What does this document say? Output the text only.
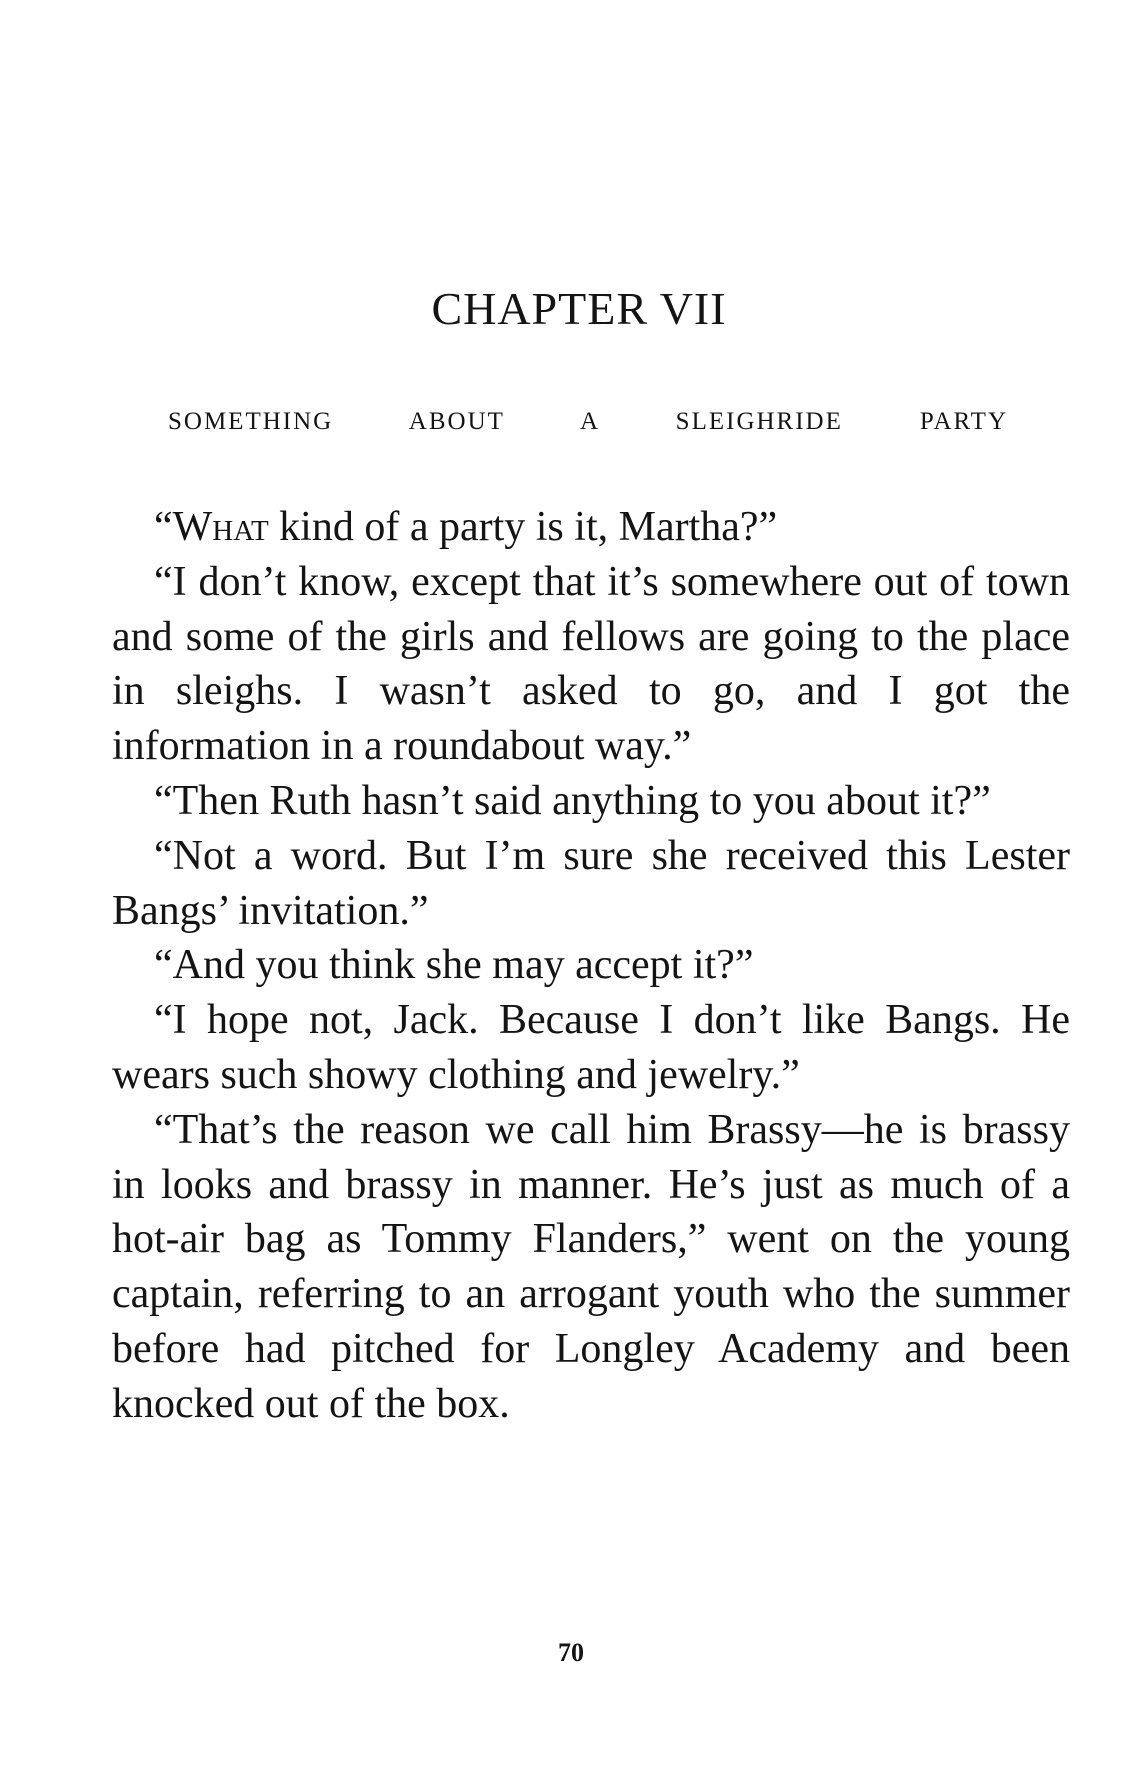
CHAPTER VII
SOMETHING ABOUT A SLEIGHRIDE PARTY

“What kind of a party is it, Martha?”

“I don’t know, except that it’s somewhere out of town and some of the girls and fellows are going to the place in sleighs. I wasn’t asked to go, and I got the information in a roundabout way.”

“Then Ruth hasn’t said anything to you about it?”

“Not a word. But I’m sure she received this Lester Bangs’ invitation.”

“And you think she may accept it?”

“I hope not, Jack. Because I don’t like Bangs. He wears such showy clothing and jewelry.”

“That’s the reason we call him Brassy—he is brassy in looks and brassy in manner. He’s just as much of a hot-air bag as Tommy Flanders,” went on the young captain, referring to an arrogant youth who the summer before had pitched for Longley Academy and been knocked out of the box.

70
